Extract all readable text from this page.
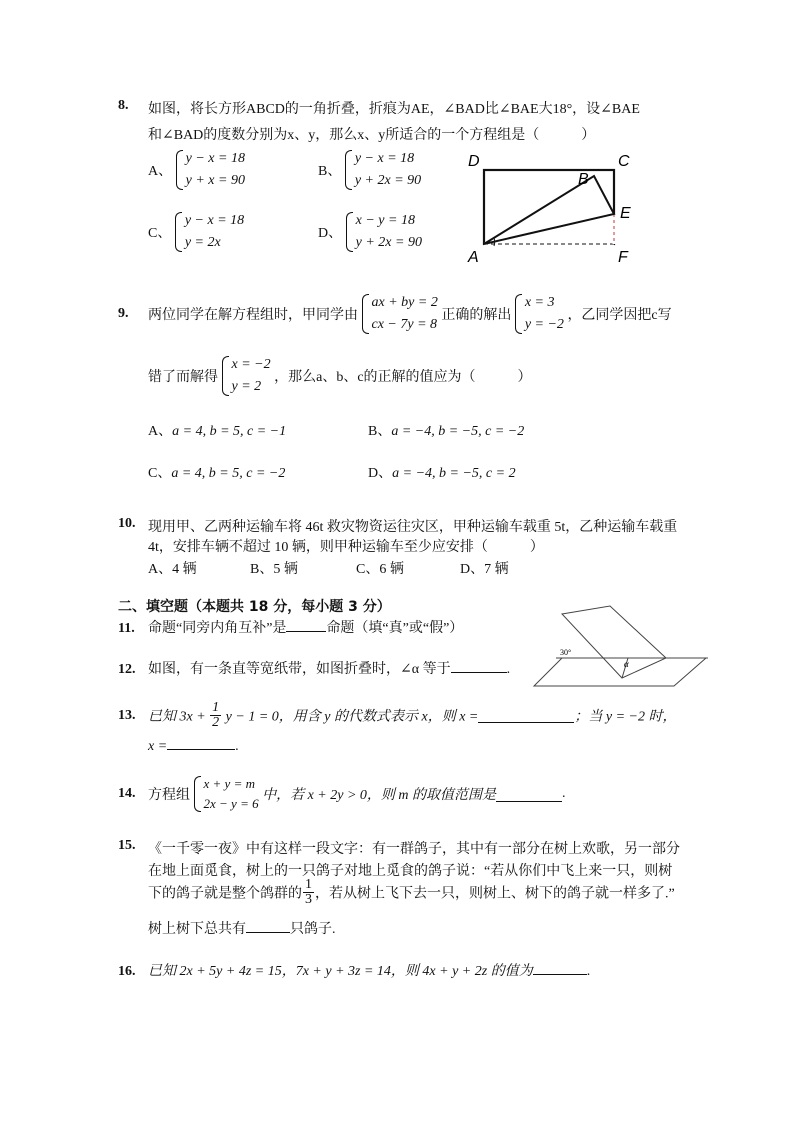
8. 如图，将长方形ABCD的一角折叠，折痕为AE，∠BAD比∠BAE大18°，设∠BAE
和∠BAD的度数分别为x、y，那么x、y所适合的一个方程组是（　　　）
A、
y − x = 18
y + x = 90
B、
y − x = 18
y + 2x = 90
C、
y − x = 18
y = 2x
D、
x − y = 18
y + 2x = 90
D	C
B
E
A	F
9. 两位同学在解方程组时，甲同学由
ax + by = 2
cx − 7y = 8
正确的解出
x = 3
y = −2
，乙同学因把c写
错了而解得
x = −2
y = 2
，那么a、b、c的正解的值应为（　　　）
A、a = 4, b = 5, c = −1	B、a = −4, b = −5, c = −2
C、a = 4, b = 5, c = −2	D、a = −4, b = −5, c = 2
10. 现用甲、乙两种运输车将 46t 救灾物资运往灾区，甲种运输车载重 5t，乙种运输车载重
4t，安排车辆不超过 10 辆，则甲种运输车至少应安排（　　　）
A、4 辆	B、5 辆	C、6 辆	D、7 辆
二、填空题（本题共 18 分，每小题 3 分）
11. 命题“同旁内角互补”是	命题（填“真”或“假”）
30°
α
12. 如图，有一条直等宽纸带，如图折叠时，∠α 等于	.
13. 已知 $3x + \frac{1}{2}$ y − 1 = 0，用含 y 的代数式表示 x，则 x =	；当 y = −2 时，
x =	.
14. 方程组
x + y = m
2x − y = 6
中，若 x + 2y > 0，则 m 的取值范围是	.
15. 《一千零一夜》中有这样一段文字：有一群鸽子，其中有一部分在树上欢歌，另一部分
在地上面觅食，树上的一只鸽子对地上觅食的鸽子说：“若从你们中飞上来一只，则树
下的鸽子就是整个鸽群的 $\frac{1}{3}$ ，若从树上飞下去一只，则树上、树下的鸽子就一样多了.”
树上树下总共有	只鸽子.
16. 已知 2x + 5y + 4z = 15，7x + y + 3z = 14，则 4x + y + 2z 的值为	.
